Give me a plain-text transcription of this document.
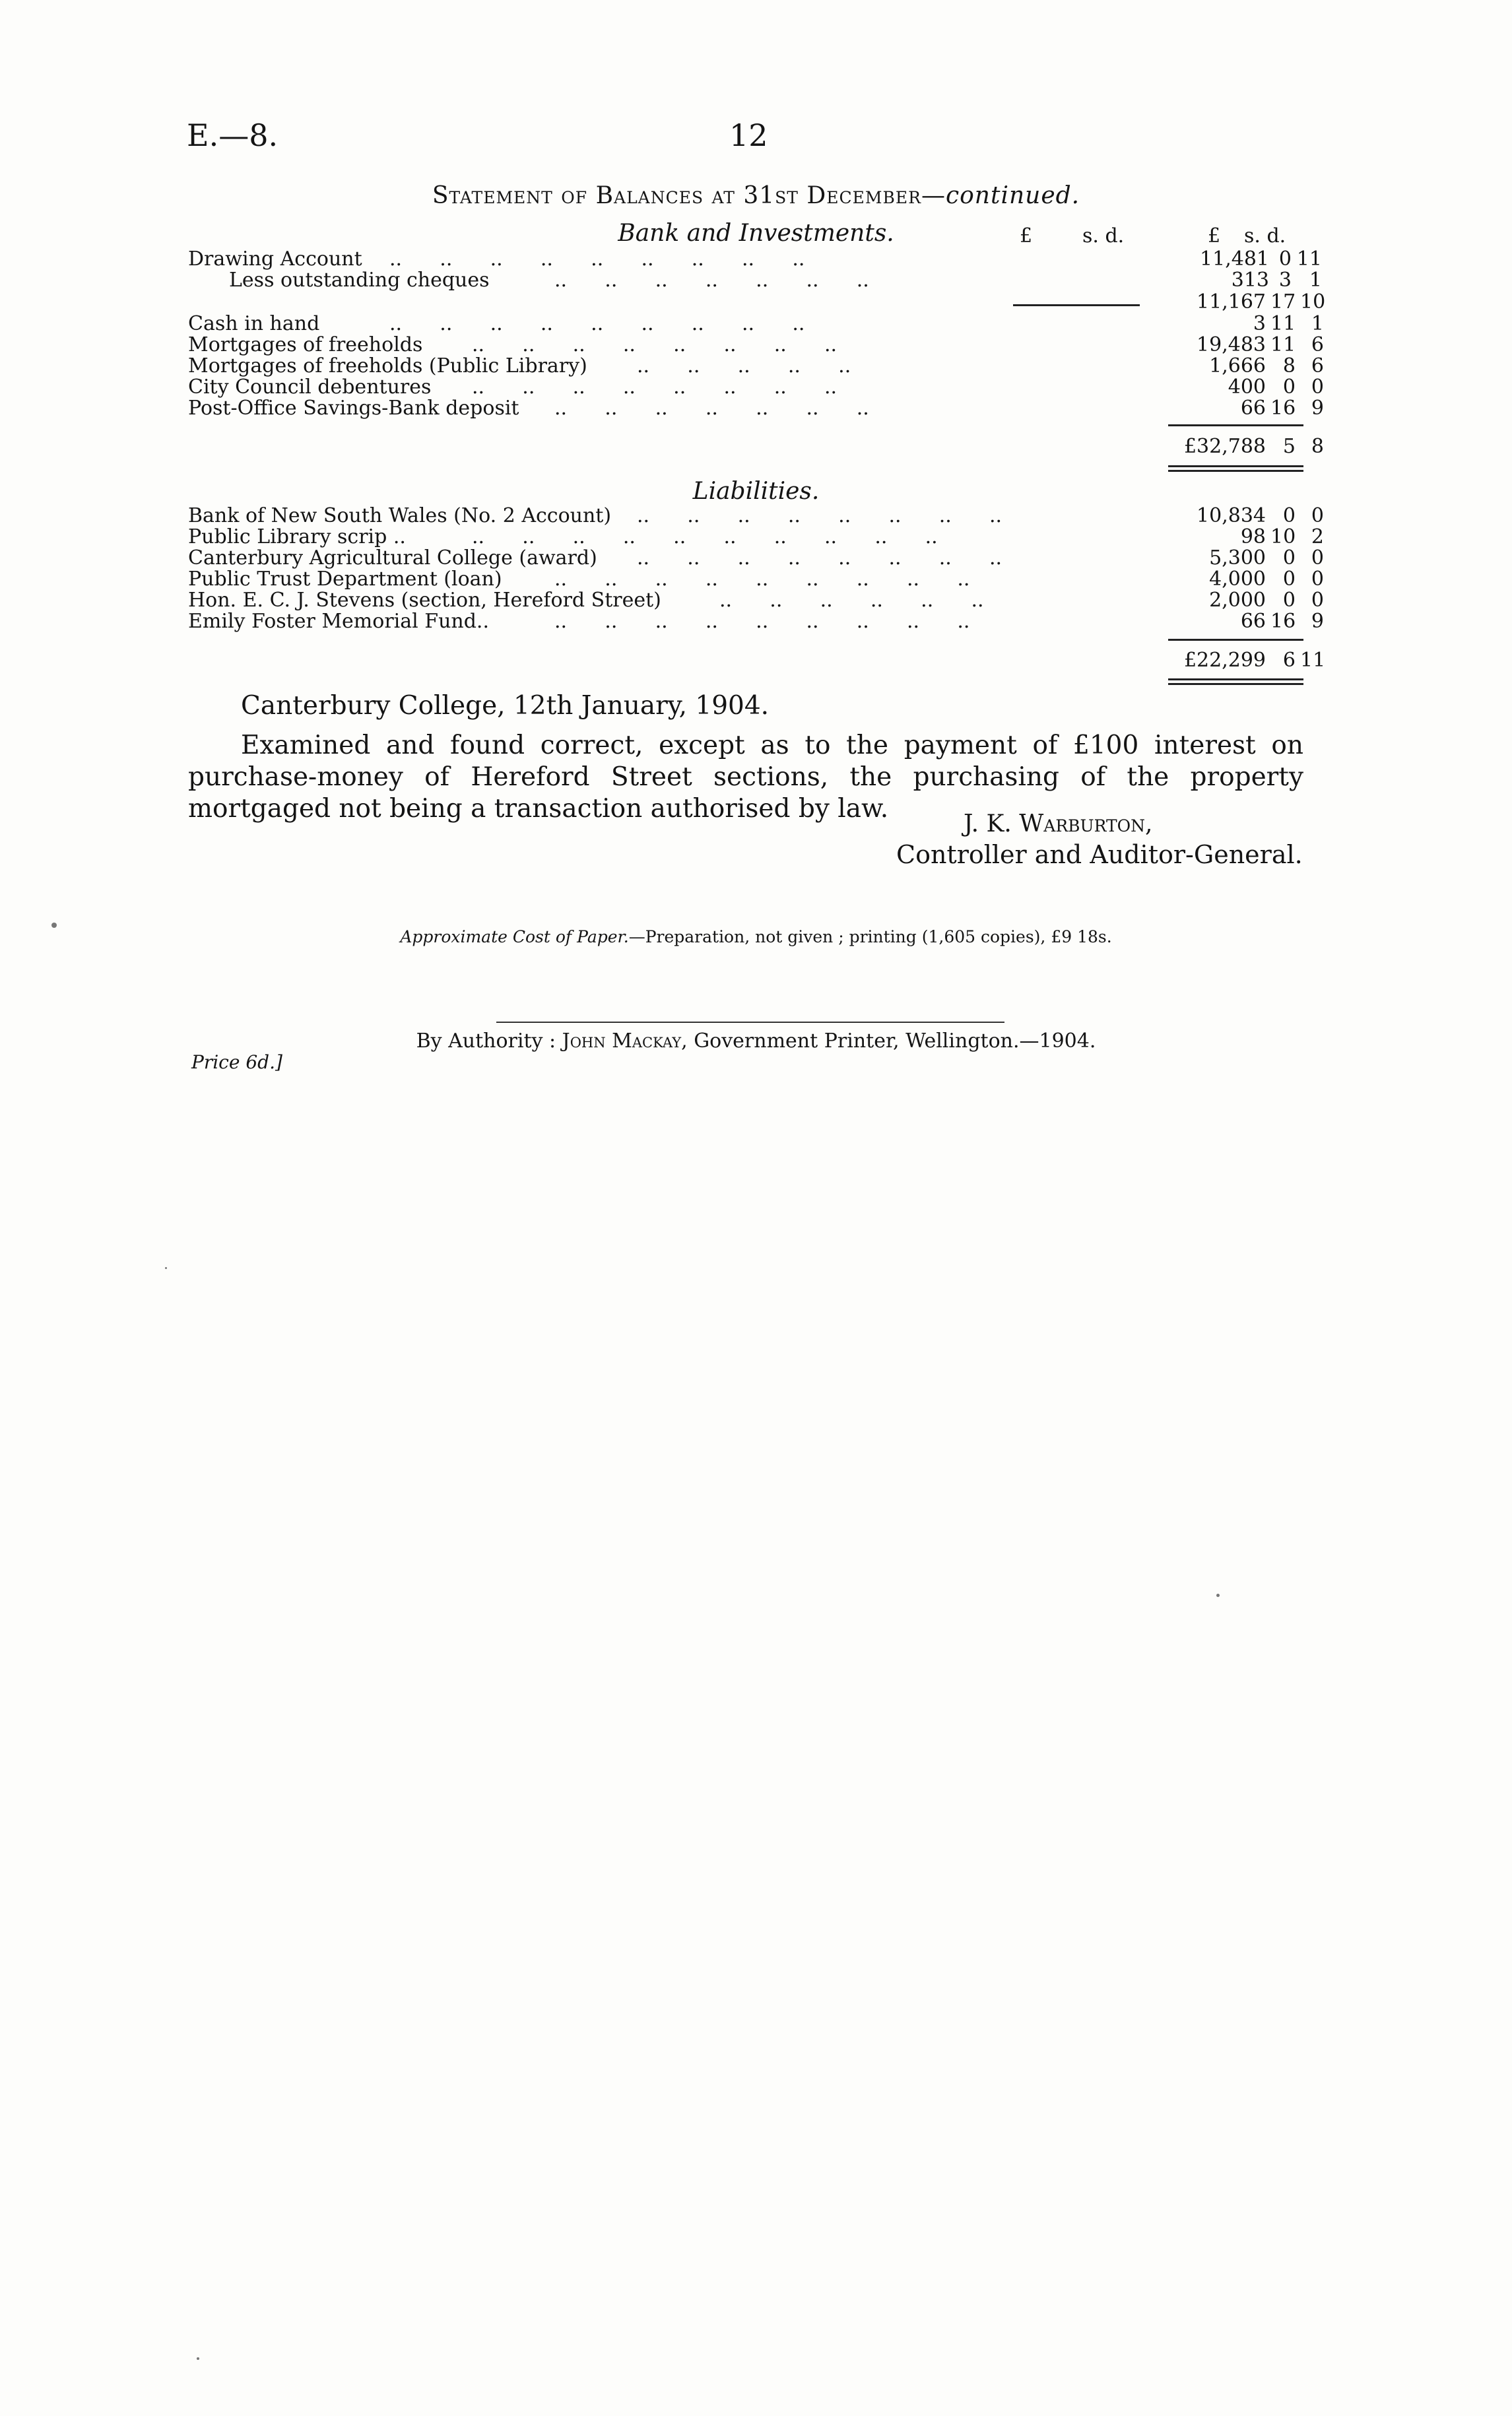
E.—8.	12
Statement of Balances at 31st December—continued.
Bank and Investments.	£	s. d.	£ s. d.
Drawing Account ..      ..      ..      ..      ..      ..      ..      ..      ..	11,481 0 11
Less outstanding cheques	..      ..      ..      ..      ..      ..      ..	313 3 1
11,167 17 10
Cash in hand	..      ..      ..      ..      ..      ..      ..      ..      ..	3 11 1
Mortgages of freeholds ..      ..      ..      ..      ..      ..      ..      ..	19,483 11 6
Mortgages of freeholds (Public Library)	..      ..      ..      ..      ..	1,666 8 6
City Council debentures ..      ..      ..      ..      ..      ..      ..      ..	400 0 0
Post-Office Savings-Bank deposit ..      ..      ..      ..      ..      ..      ..	66 16 9
£32,788 5 8
Liabilities.
Bank of New South Wales (No. 2 Account) ..      ..      ..      ..      ..      ..      ..      ..	10,834 0 0
Public Library scrip ..	..      ..      ..      ..      ..      ..      ..      ..      ..      ..	98 10 2
Canterbury Agricultural College (award) ..      ..      ..      ..      ..      ..      ..      ..	5,300 0 0
Public Trust Department (loan)	..      ..      ..      ..      ..      ..      ..      ..      ..	4,000 0 0
Hon. E. C. J. Stevens (section, Hereford Street)	..      ..      ..      ..      ..      ..	2,000 0 0
Emily Foster Memorial Fund..	..      ..      ..      ..      ..      ..      ..      ..      ..	66 16 9
£22,299 6 11
Canterbury College, 12th January, 1904.
Examined and found correct, except as to the payment of £100 interest on purchase-money of Hereford Street sections, the purchasing of the property mortgaged not being a transaction authorised by law.
J. K. Warburton,
Controller and Auditor-General.
Approximate Cost of Paper.—Preparation, not given ; printing (1,605 copies), £9 18s.
By Authority : John Mackay, Government Printer, Wellington.—1904.
Price 6d.]
